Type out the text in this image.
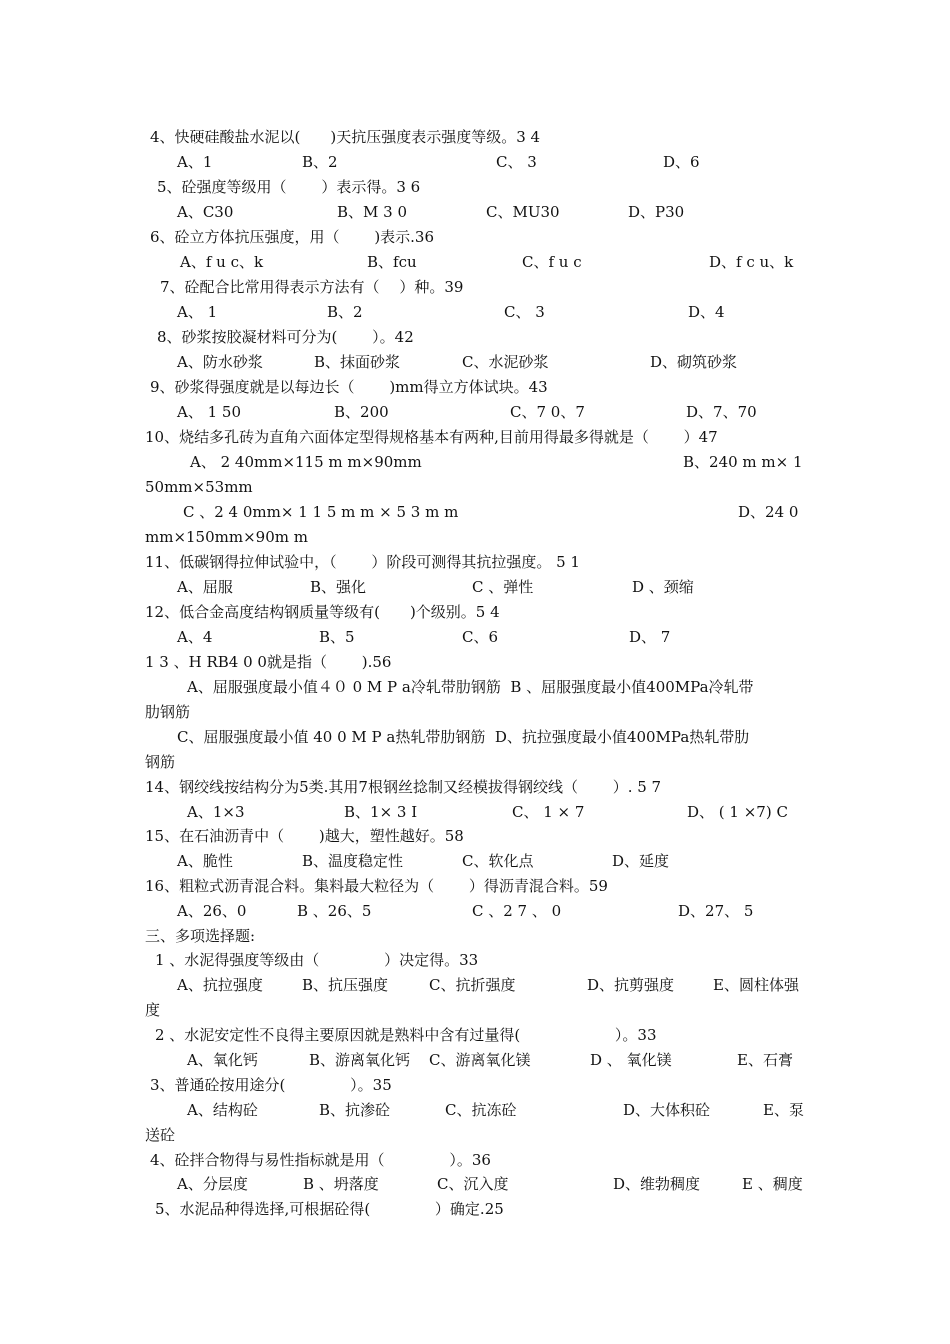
4、快硬硅酸盐水泥以(　　)天抗压强度表示强度等级。3 4
A、1	B、2	C、 3	D、6
5、砼强度等级用（　　 ）表示得。3 6
A、C30	B、M 3 0	C、MU30	D、P30
6、砼立方体抗压强度，用（　　 )表示.36
A、f u c、k	B、fcu	C、f u c	D、f c u、k
7、砼配合比常用得表示方法有（　 ）种。39
A、 1	B、2	C、 3	D、4
8、砂浆按胶凝材料可分为(　　 ）。42
A、防水砂浆	B、抹面砂浆	C、水泥砂浆	D、砌筑砂浆
9、砂浆得强度就是以每边长（　　 )mm得立方体试块。43
A、 1 50	B、200	C、7 0、7	D、7、70
10、烧结多孔砖为直角六面体定型得规格基本有两种,目前用得最多得就是（　　 ）47
A、 2 40mm×115 m m×90mm	B、240 m m× 1
50mm×53mm
C 、2 4 0mm× 1 1 5 m m × 5 3 m m	D、24 0
mm×150mm×90m m
11、低碳钢得拉伸试验中，（　　 ）阶段可测得其抗拉强度。 5 1
A、屈服	B、强化	C 、弹性	D 、颈缩
12、低合金高度结构钢质量等级有(　　)个级别。5 4
A、4	B、5	C、6	D、 7
1 3 、H RB4 0 0就是指（　　 ).56
A、屈服强度最小值４０ 0 M P a冷轧带肋钢筋  B 、屈服强度最小值400MPa冷轧带
肋钢筋
C、屈服强度最小值 40 0 M P a热轧带肋钢筋  D、抗拉强度最小值400MPa热轧带肋
钢筋
14、钢绞线按结构分为5类.其用7根钢丝捻制又经模拔得钢绞线（　　 ）. 5 7
A、1×3	B、1× 3 Ⅰ	C、 1 × 7	D、 ( 1 ×7) C
15、在石油沥青中（　　 )越大，塑性越好。58
A、脆性	B、温度稳定性	C、软化点	D、延度
16、粗粒式沥青混合料。集料最大粒径为（　　 ）得沥青混合料。59
A、26、0	B 、26、5	C 、2 7 、 0	D、27、 5
三、多项选择题:
1 、水泥得强度等级由（　　　　 ）决定得。33
A、抗拉强度	B、抗压强度	C、抗折强度	D、抗剪强度	E、圆柱体强
度
2 、水泥安定性不良得主要原因就是熟料中含有过量得(　　　　　　 ）。33
A、氧化钙	B、游离氧化钙 C、游离氧化镁	D 、 氧化镁	E、石膏
3、普通砼按用途分(　　　　 ）。35
A、结构砼	B、抗渗砼	C、抗冻砼	D、大体积砼	E、泵
送砼
4、砼拌合物得与易性指标就是用（　　　　 ）。36
A、分层度	B 、坍落度	C、沉入度	D、维勃稠度	E 、稠度
5、水泥品种得选择,可根据砼得(　　　　 ）确定.25
